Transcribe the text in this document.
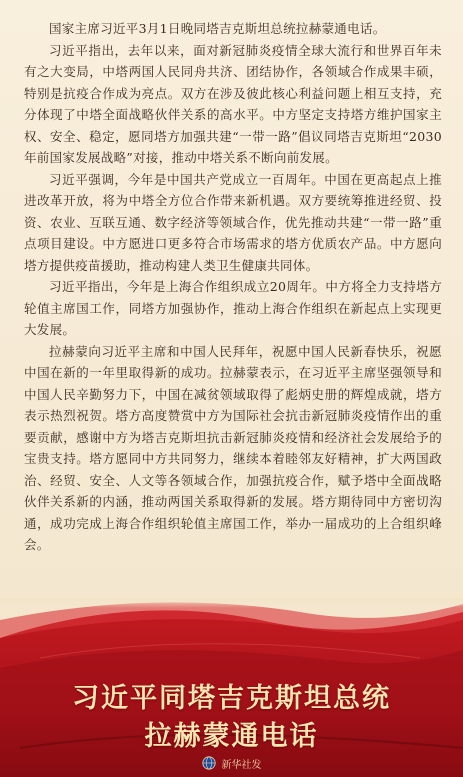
国家主席习近平3月1日晚同塔吉克斯坦总统拉赫蒙通电话。

习近平指出，去年以来，面对新冠肺炎疫情全球大流行和世界百年未有之大变局，中塔两国人民同舟共济、团结协作，各领域合作成果丰硕，特别是抗疫合作成为亮点。双方在涉及彼此核心利益问题上相互支持，充分体现了中塔全面战略伙伴关系的高水平。中方坚定支持塔方维护国家主权、安全、稳定，愿同塔方加强共建“一带一路”倡议同塔吉克斯坦“2030年前国家发展战略”对接，推动中塔关系不断向前发展。

习近平强调，今年是中国共产党成立一百周年。中国在更高起点上推进改革开放，将为中塔全方位合作带来新机遇。双方要统筹推进经贸、投资、农业、互联互通、数字经济等领域合作，优先推动共建“一带一路”重点项目建设。中方愿进口更多符合市场需求的塔方优质农产品。中方愿向塔方提供疫苗援助，推动构建人类卫生健康共同体。

习近平指出，今年是上海合作组织成立20周年。中方将全力支持塔方轮值主席国工作，同塔方加强协作，推动上海合作组织在新起点上实现更大发展。

拉赫蒙向习近平主席和中国人民拜年，祝愿中国人民新春快乐，祝愿中国在新的一年里取得新的成功。拉赫蒙表示，在习近平主席坚强领导和中国人民辛勤努力下，中国在减贫领域取得了彪炳史册的辉煌成就，塔方表示热烈祝贺。塔方高度赞赏中方为国际社会抗击新冠肺炎疫情作出的重要贡献，感谢中方为塔吉克斯坦抗击新冠肺炎疫情和经济社会发展给予的宝贵支持。塔方愿同中方共同努力，继续本着睦邻友好精神，扩大两国政治、经贸、安全、人文等各领域合作，加强抗疫合作，赋予塔中全面战略伙伴关系新的内涵，推动两国关系取得新的发展。塔方期待同中方密切沟通，成功完成上海合作组织轮值主席国工作，举办一届成功的上合组织峰会。

习近平同塔吉克斯坦总统
拉赫蒙通电话
新华社发
